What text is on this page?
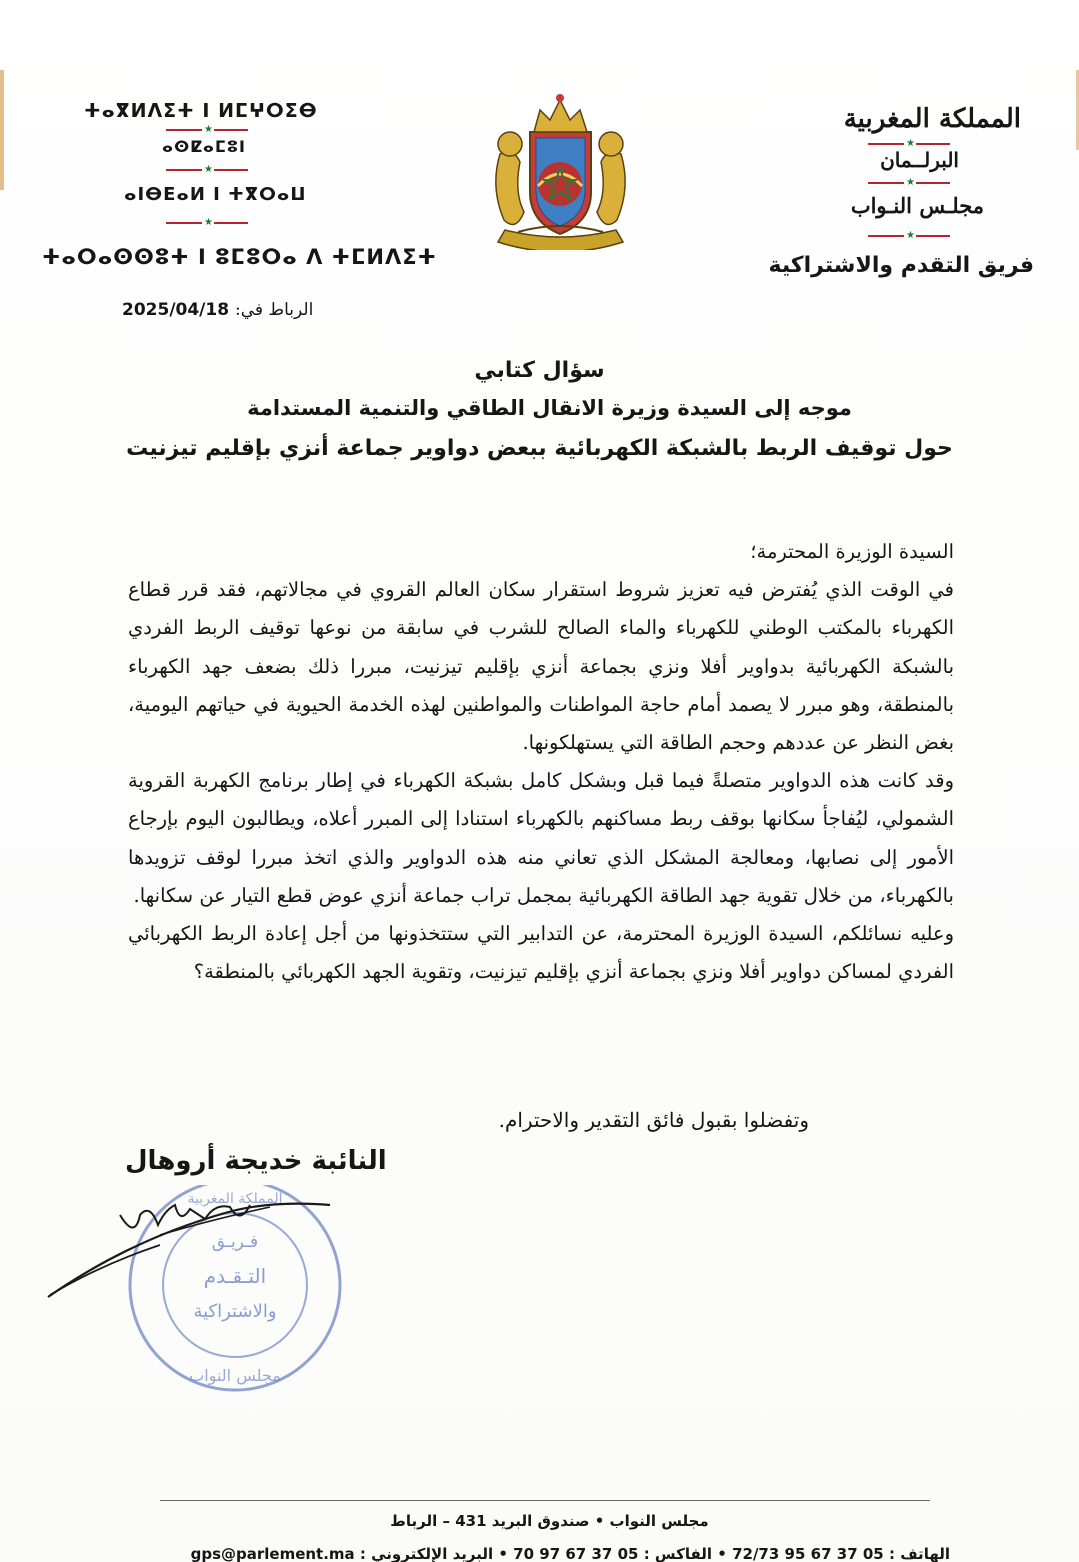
المملكة المغربية
★
البرلــمان
★
مجلـس النـواب
★
فريق التقدم والاشتراكية
ⵜⴰⴳⵍⴷⵉⵜ ⵏ ⵍⵎⵖⵔⵉⴱ
★
ⴰⵙⵇⴰⵎⵓⵏ
★
ⴰⵏⴱⴹⴰⵍ ⵏ ⵜⴳⵔⴰⵡ
★
ⵜⴰⵔⴰⵙⵙⵓⵜ ⵏ ⵓⵎⵓⵔⴰ ⴷ ⵜⵎⵍⴷⵉⵜ
الرباط في: 2025/04/18
سؤال كتابي
موجه إلى السيدة وزيرة الانقال الطاقي والتنمية المستدامة
حول توقيف الربط بالشبكة الكهربائية ببعض دواوير جماعة أنزي بإقليم تيزنيت

السيدة الوزيرة المحترمة؛

في الوقت الذي يُفترض فيه تعزيز شروط استقرار سكان العالم القروي في مجالاتهم، فقد قرر قطاع الكهرباء بالمكتب الوطني للكهرباء والماء الصالح للشرب في سابقة من نوعها توقيف الربط الفردي بالشبكة الكهربائية بدواوير أفلا ونزي بجماعة أنزي بإقليم تيزنيت، مبررا ذلك بضعف جهد الكهرباء بالمنطقة، وهو مبرر لا يصمد أمام حاجة المواطنات والمواطنين لهذه الخدمة الحيوية في حياتهم اليومية، بغض النظر عن عددهم وحجم الطاقة التي يستهلكونها.

وقد كانت هذه الدواوير متصلةً فيما قبل وبشكل كامل بشبكة الكهرباء في إطار برنامج الكهربة القروية الشمولي، ليُفاجأ سكانها بوقف ربط مساكنهم بالكهرباء استنادا إلى المبرر أعلاه، ويطالبون اليوم بإرجاع الأمور إلى نصابها، ومعالجة المشكل الذي تعاني منه هذه الدواوير والذي اتخذ مبررا لوقف تزويدها بالكهرباء، من خلال تقوية جهد الطاقة الكهربائية بمجمل تراب جماعة أنزي عوض قطع التيار عن سكانها.

وعليه نسائلكم، السيدة الوزيرة المحترمة، عن التدابير التي ستتخذونها من أجل إعادة الربط الكهربائي الفردي لمساكن دواوير أفلا ونزي بجماعة أنزي بإقليم تيزنيت، وتقوية الجهد الكهربائي بالمنطقة؟

وتفضلوا بقبول فائق التقدير والاحترام.
النائبة خديجة أروهال
فـريـق
التـقـدم
والاشتراكية
المملكة المغربية
مجلس النواب
مجلس النواب • صندوق البريد 431 – الرباط
الهاتف : 05 37 67 95 72/73 • الفاكس : 05 37 67 97 70 • البريد الإلكتروني : gps@parlement.ma
